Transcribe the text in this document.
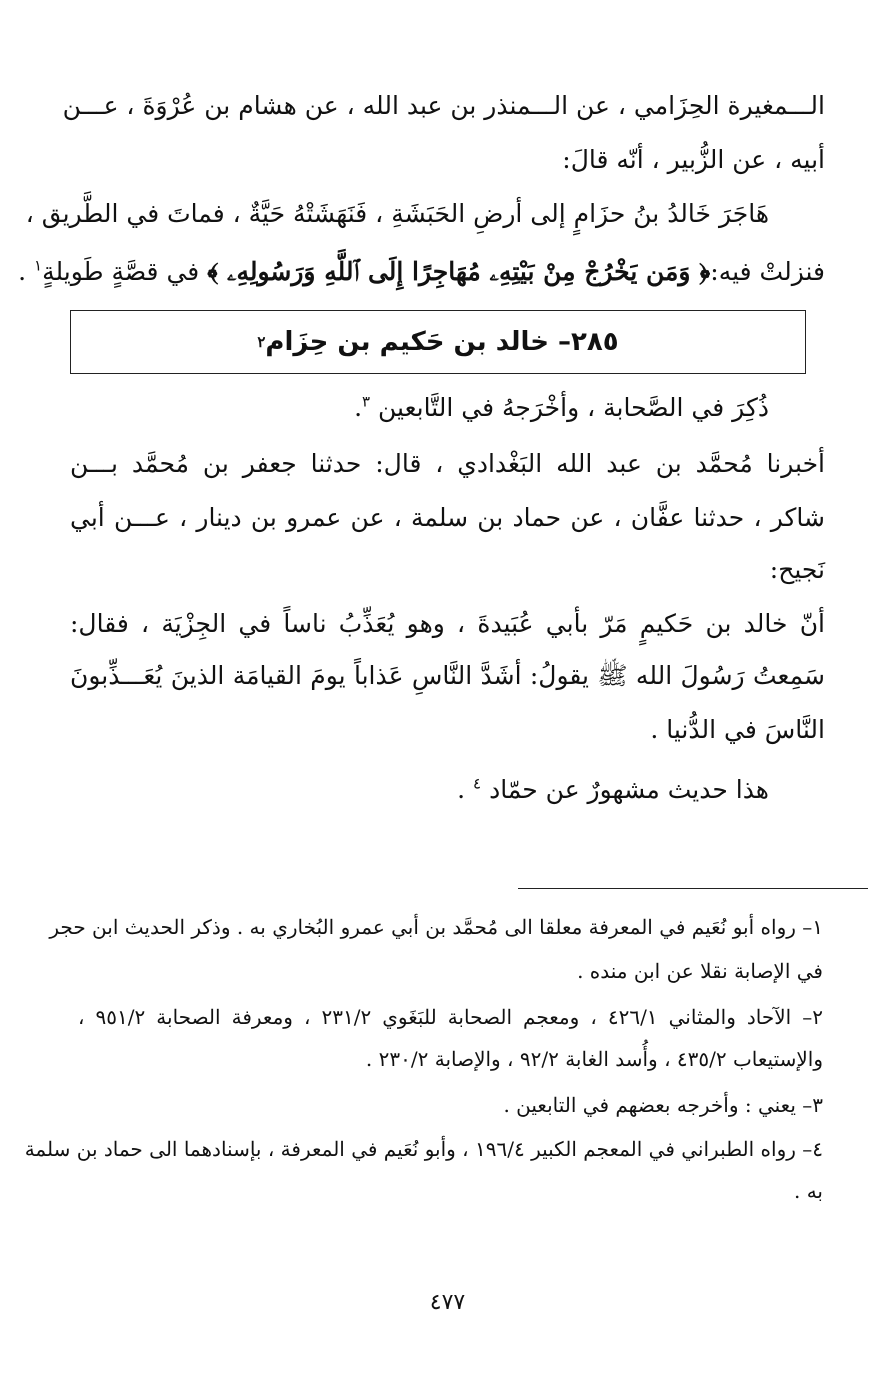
الـــمغيرة الحِزَامي ، عن الـــمنذر بن عبد الله ، عن هشام بن عُرْوَةَ ، عـــن
أبيه ، عن الزُّبير ، أنّه قالَ:
هَاجَرَ خَالدُ بنُ حزَامٍ إلى أرضِ الحَبَشَةِ ، فَنَهَشَتْهُ حَيَّةٌ ، فماتَ في الطَّريق ،
فنزلتْ فيه:﴿ وَمَن يَخْرُجْ مِنْ بَيْتِهِۦ مُهَاجِرًا إِلَى ٱللَّهِ وَرَسُولِهِۦ ﴾ في قصَّةٍ طَويلةٍ$^١$ .
٢٨٥– خالد بن حَكيم بن حِزَام
٢
ذُكِرَ في الصَّحابة ، وأخْرَجهُ في التَّابعين $^٣$.
أخبرنا مُحمَّد بن عبد الله البَغْدادي ، قال: حدثنا جعفر بن مُحمَّد بـــن
شاكر ، حدثنا عفَّان ، عن حماد بن سلمة ، عن عمرو بن دينار ، عـــن أبي
نَجيح:
أنّ خالد بن حَكيمٍ مَرّ بأبي عُبَيدةَ ، وهو يُعَذِّبُ ناساً في الجِزْيَة ، فقال:
سَمِعتُ رَسُولَ الله ﷺ يقولُ: أشَدَّ النَّاسِ عَذاباً يومَ القيامَة الذينَ يُعَـــذِّبونَ
النَّاسَ في الدُّنيا .
هذا حديث مشهورٌ عن حمّاد $^٤$ .
١– رواه أبو نُعَيم في المعرفة معلقا الى مُحمَّد بن أبي عمرو البُخاري به . وذكر الحديث ابن حجر
في الإصابة نقلا عن ابن منده .
٢– الآحاد والمثاني ٤٢٦/١ ، ومعجم الصحابة للبَغَوي ٢٣١/٢ ، ومعرفة الصحابة ٩٥١/٢ ،
والإستيعاب ٤٣٥/٢ ، وأُسد الغابة ٩٢/٢ ، والإصابة ٢٣٠/٢ .
٣– يعني : وأخرجه بعضهم في التابعين .
٤– رواه الطبراني في المعجم الكبير ١٩٦/٤ ، وأبو نُعَيم في المعرفة ، بإسنادهما الى حماد بن سلمة
به .
٤٧٧
